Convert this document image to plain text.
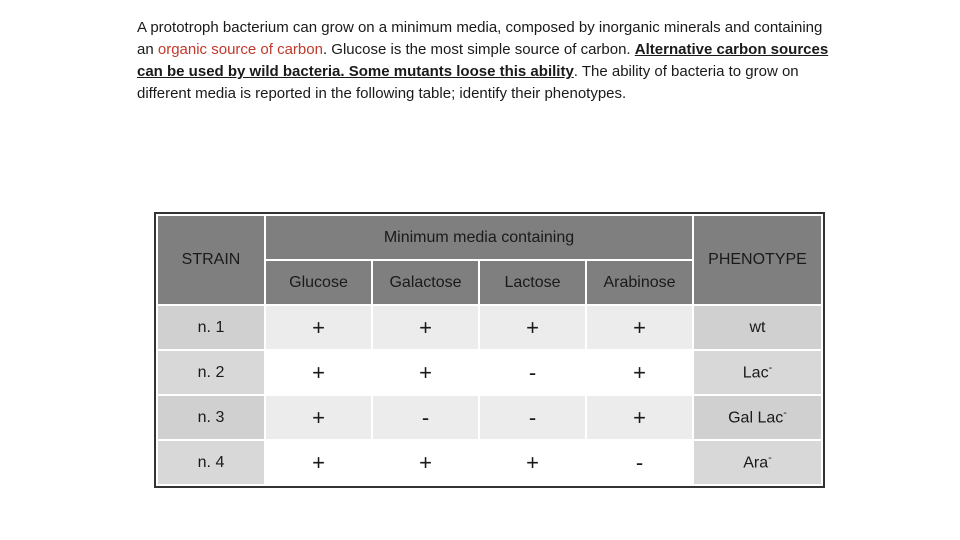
A prototroph bacterium can grow on a minimum media, composed by inorganic minerals and containing an organic source of carbon. Glucose is the most simple source of carbon. Alternative carbon sources can be used by wild bacteria. Some mutants loose this ability. The ability of bacteria to grow on different media is reported in the following table; identify their phenotypes.

STRAIN	Minimum media containing				PHENOTYPE
	Glucose	Galactose	Lactose	Arabinose	
n. 1	+	+	+	+	wt
n. 2	+	+	-	+	Lac-
n. 3	+	-	-	+	Gal Lac-
n. 4	+	+	+	-	Ara-
